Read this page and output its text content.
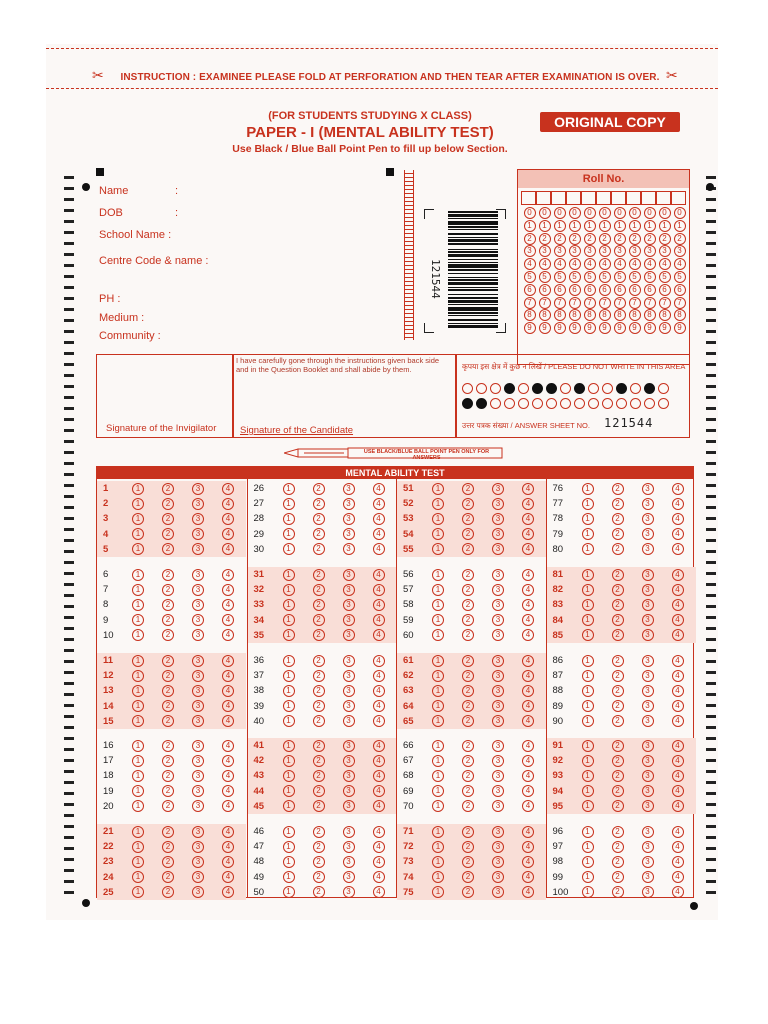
✂	✂
INSTRUCTION : EXAMINEE PLEASE FOLD AT PERFORATION AND THEN TEAR AFTER EXAMINATION IS OVER.
(FOR STUDENTS STUDYING X CLASS)
PAPER - I (MENTAL ABILITY TEST)
Use Black / Blue Ball Point Pen to fill up below Section.
ORIGINAL COPY
Name	:
DOB	:
School Name :
Centre Code & name :
PH :
Medium :
Community :
121544
Roll No.
0	0	0	0	0	0	0	0	0	0	0
1	1	1	1	1	1	1	1	1	1	1
2	2	2	2	2	2	2	2	2	2	2
3	3	3	3	3	3	3	3	3	3	3
4	4	4	4	4	4	4	4	4	4	4
5	5	5	5	5	5	5	5	5	5	5
6	6	6	6	6	6	6	6	6	6	6
7	7	7	7	7	7	7	7	7	7	7
8	8	8	8	8	8	8	8	8	8	8
9	9	9	9	9	9	9	9	9	9	9
Signature of the Invigilator
I have carefully gone through the instructions given back side and in the Question Booklet and shall abide by them.
Signature of the Candidate
कृपया इस क्षेत्र में कुछ न लिखें / PLEASE DO NOT WRITE IN THIS AREA
उत्तर पत्रक संख्या / ANSWER SHEET NO. 121544
USE BLACK/BLUE BALL POINT PEN ONLY FOR ANSWERS
MENTAL ABILITY TEST
1	1	2	3	4
2	1	2	3	4
3	1	2	3	4
4	1	2	3	4
5	1	2	3	4
6	1	2	3	4
7	1	2	3	4
8	1	2	3	4
9	1	2	3	4
10	1	2	3	4
11	1	2	3	4
12	1	2	3	4
13	1	2	3	4
14	1	2	3	4
15	1	2	3	4
16	1	2	3	4
17	1	2	3	4
18	1	2	3	4
19	1	2	3	4
20	1	2	3	4
21	1	2	3	4
22	1	2	3	4
23	1	2	3	4
24	1	2	3	4
25	1	2	3	4
26	1	2	3	4
27	1	2	3	4
28	1	2	3	4
29	1	2	3	4
30	1	2	3	4
31	1	2	3	4
32	1	2	3	4
33	1	2	3	4
34	1	2	3	4
35	1	2	3	4
36	1	2	3	4
37	1	2	3	4
38	1	2	3	4
39	1	2	3	4
40	1	2	3	4
41	1	2	3	4
42	1	2	3	4
43	1	2	3	4
44	1	2	3	4
45	1	2	3	4
46	1	2	3	4
47	1	2	3	4
48	1	2	3	4
49	1	2	3	4
50	1	2	3	4
51	1	2	3	4
52	1	2	3	4
53	1	2	3	4
54	1	2	3	4
55	1	2	3	4
56	1	2	3	4
57	1	2	3	4
58	1	2	3	4
59	1	2	3	4
60	1	2	3	4
61	1	2	3	4
62	1	2	3	4
63	1	2	3	4
64	1	2	3	4
65	1	2	3	4
66	1	2	3	4
67	1	2	3	4
68	1	2	3	4
69	1	2	3	4
70	1	2	3	4
71	1	2	3	4
72	1	2	3	4
73	1	2	3	4
74	1	2	3	4
75	1	2	3	4
76	1	2	3	4
77	1	2	3	4
78	1	2	3	4
79	1	2	3	4
80	1	2	3	4
81	1	2	3	4
82	1	2	3	4
83	1	2	3	4
84	1	2	3	4
85	1	2	3	4
86	1	2	3	4
87	1	2	3	4
88	1	2	3	4
89	1	2	3	4
90	1	2	3	4
91	1	2	3	4
92	1	2	3	4
93	1	2	3	4
94	1	2	3	4
95	1	2	3	4
96	1	2	3	4
97	1	2	3	4
98	1	2	3	4
99	1	2	3	4
100	1	2	3	4
